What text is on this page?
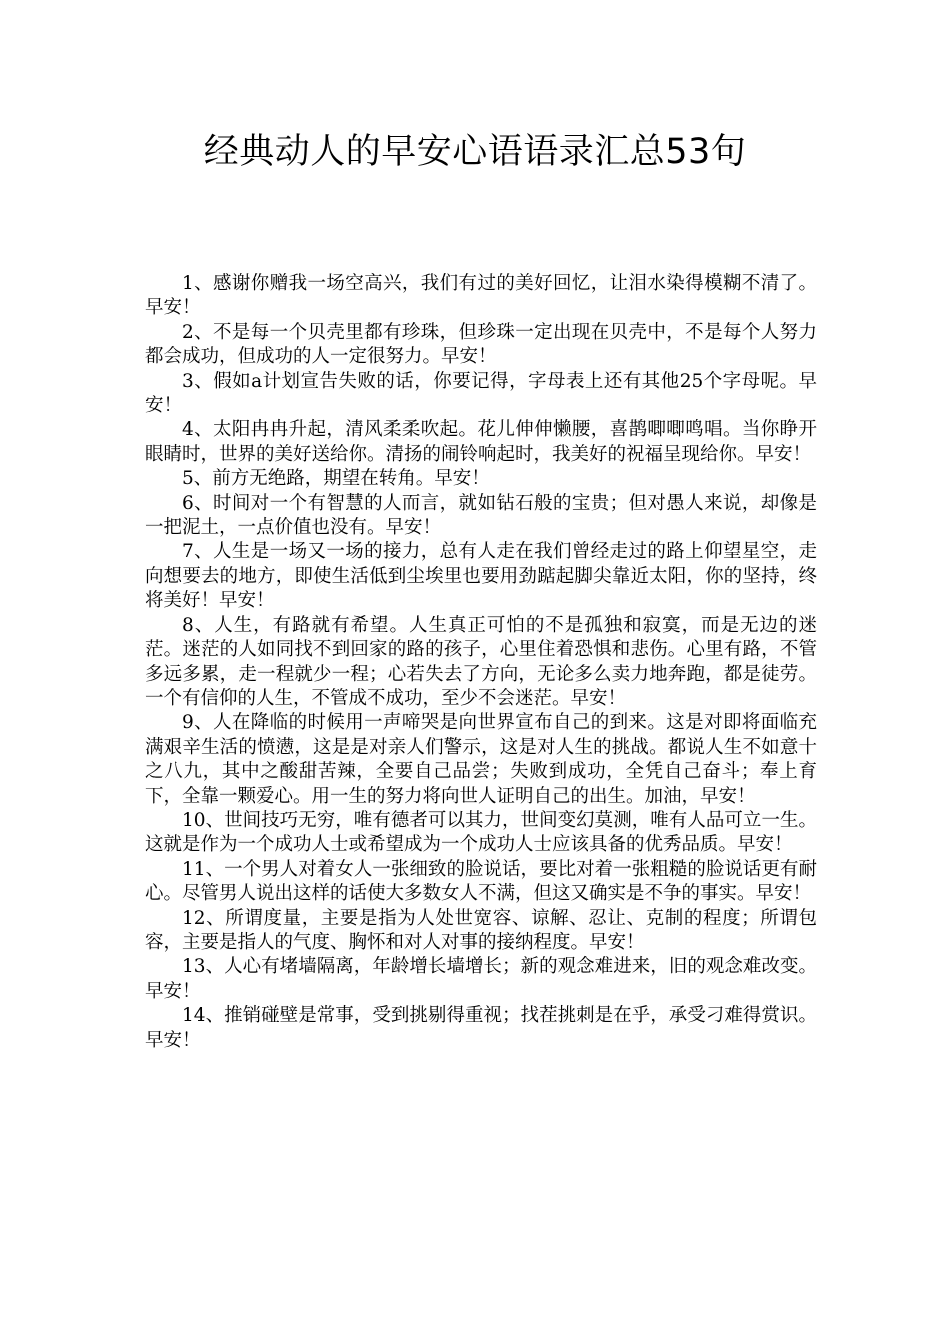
经典动人的早安心语语录汇总53句

1、感谢你赠我一场空高兴，我们有过的美好回忆，让泪水染得模糊不清了。早安！

2、不是每一个贝壳里都有珍珠，但珍珠一定出现在贝壳中，不是每个人努力都会成功，但成功的人一定很努力。早安！

3、假如a计划宣告失败的话，你要记得，字母表上还有其他25个字母呢。早安！

4、太阳冉冉升起，清风柔柔吹起。花儿伸伸懒腰，喜鹊唧唧鸣唱。当你睁开眼睛时，世界的美好送给你。清扬的闹铃响起时，我美好的祝福呈现给你。早安！

5、前方无绝路，期望在转角。早安！

6、时间对一个有智慧的人而言，就如钻石般的宝贵；但对愚人来说，却像是一把泥土，一点价值也没有。早安！

7、人生是一场又一场的接力，总有人走在我们曾经走过的路上仰望星空，走向想要去的地方，即使生活低到尘埃里也要用劲踮起脚尖靠近太阳，你的坚持，终将美好！早安！

8、人生，有路就有希望。人生真正可怕的不是孤独和寂寞，而是无边的迷茫。迷茫的人如同找不到回家的路的孩子，心里住着恐惧和悲伤。心里有路，不管多远多累，走一程就少一程；心若失去了方向，无论多么卖力地奔跑，都是徒劳。一个有信仰的人生，不管成不成功，至少不会迷茫。早安！

9、人在降临的时候用一声啼哭是向世界宣布自己的到来。这是对即将面临充满艰辛生活的愤懑，这是是对亲人们警示，这是对人生的挑战。都说人生不如意十之八九，其中之酸甜苦辣，全要自己品尝；失败到成功，全凭自己奋斗；奉上育下，全靠一颗爱心。用一生的努力将向世人证明自己的出生。加油，早安！

10、世间技巧无穷，唯有德者可以其力，世间变幻莫测，唯有人品可立一生。这就是作为一个成功人士或希望成为一个成功人士应该具备的优秀品质。早安！

11、一个男人对着女人一张细致的脸说话，要比对着一张粗糙的脸说话更有耐心。尽管男人说出这样的话使大多数女人不满，但这又确实是不争的事实。早安！

12、所谓度量，主要是指为人处世宽容、谅解、忍让、克制的程度；所谓包容，主要是指人的气度、胸怀和对人对事的接纳程度。早安！

13、人心有堵墙隔离，年龄增长墙增长；新的观念难进来，旧的观念难改变。早安！

14、推销碰壁是常事，受到挑剔得重视；找茬挑刺是在乎，承受刁难得赏识。早安！
